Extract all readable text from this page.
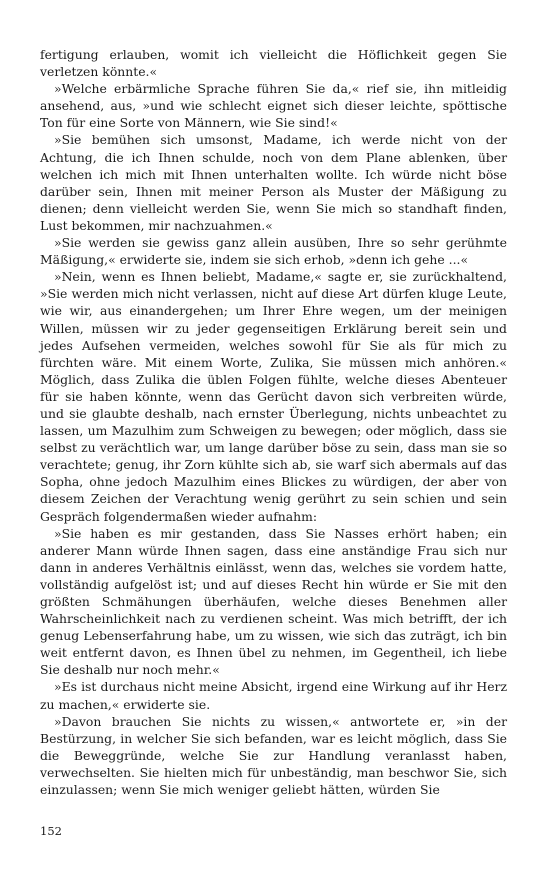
fertigung erlauben, womit ich vielleicht die Höflichkeit gegen Sie verletzen könnte.«

»Welche erbärmliche Sprache führen Sie da,« rief sie, ihn mitleidig ansehend, aus, »und wie schlecht eignet sich dieser leichte, spöttische Ton für eine Sorte von Männern, wie Sie sind!«

»Sie bemühen sich umsonst, Madame, ich werde nicht von der Achtung, die ich Ihnen schulde, noch von dem Plane ablenken, über welchen ich mich mit Ihnen unterhalten wollte. Ich würde nicht böse darüber sein, Ihnen mit meiner Person als Muster der Mäßigung zu dienen; denn vielleicht werden Sie, wenn Sie mich so standhaft finden, Lust bekommen, mir nachzuahmen.«

»Sie werden sie gewiss ganz allein ausüben, Ihre so sehr gerühmte Mäßigung,« erwiderte sie, indem sie sich erhob, »denn ich gehe ...«

»Nein, wenn es Ihnen beliebt, Madame,« sagte er, sie zurückhaltend, »Sie werden mich nicht verlassen, nicht auf diese Art dürfen kluge Leute, wie wir, aus einandergehen; um Ihrer Ehre wegen, um der meinigen Willen, müssen wir zu jeder gegenseitigen Erklärung bereit sein und jedes Aufsehen vermeiden, welches sowohl für Sie als für mich zu fürchten wäre. Mit einem Worte, Zulika, Sie müssen mich anhören.« Möglich, dass Zulika die üblen Folgen fühlte, welche dieses Abenteuer für sie haben könnte, wenn das Gerücht davon sich verbreiten würde, und sie glaubte deshalb, nach ernster Überlegung, nichts unbeachtet zu lassen, um Mazulhim zum Schweigen zu bewegen; oder möglich, dass sie selbst zu verächtlich war, um lange darüber böse zu sein, dass man sie so verachtete; genug, ihr Zorn kühlte sich ab, sie warf sich abermals auf das Sopha, ohne jedoch Mazulhim eines Blickes zu würdigen, der aber von diesem Zeichen der Verachtung wenig gerührt zu sein schien und sein Gespräch folgendermaßen wieder aufnahm:

»Sie haben es mir gestanden, dass Sie Nasses erhört haben; ein anderer Mann würde Ihnen sagen, dass eine anständige Frau sich nur dann in anderes Verhältnis einlässt, wenn das, welches sie vordem hatte, vollständig aufgelöst ist; und auf dieses Recht hin würde er Sie mit den größten Schmähungen überhäufen, welche dieses Benehmen aller Wahrscheinlichkeit nach zu verdienen scheint. Was mich betrifft, der ich genug Lebenserfahrung habe, um zu wissen, wie sich das zuträgt, ich bin weit entfernt davon, es Ihnen übel zu nehmen, im Gegentheil, ich liebe Sie deshalb nur noch mehr.«

»Es ist durchaus nicht meine Absicht, irgend eine Wirkung auf ihr Herz zu machen,« erwiderte sie.

»Davon brauchen Sie nichts zu wissen,« antwortete er, »in der Bestürzung, in welcher Sie sich befanden, war es leicht möglich, dass Sie die Beweggründe, welche Sie zur Handlung veranlasst haben, verwechselten. Sie hielten mich für unbeständig, man beschwor Sie, sich einzulassen; wenn Sie mich weniger geliebt hätten, würden Sie

152
